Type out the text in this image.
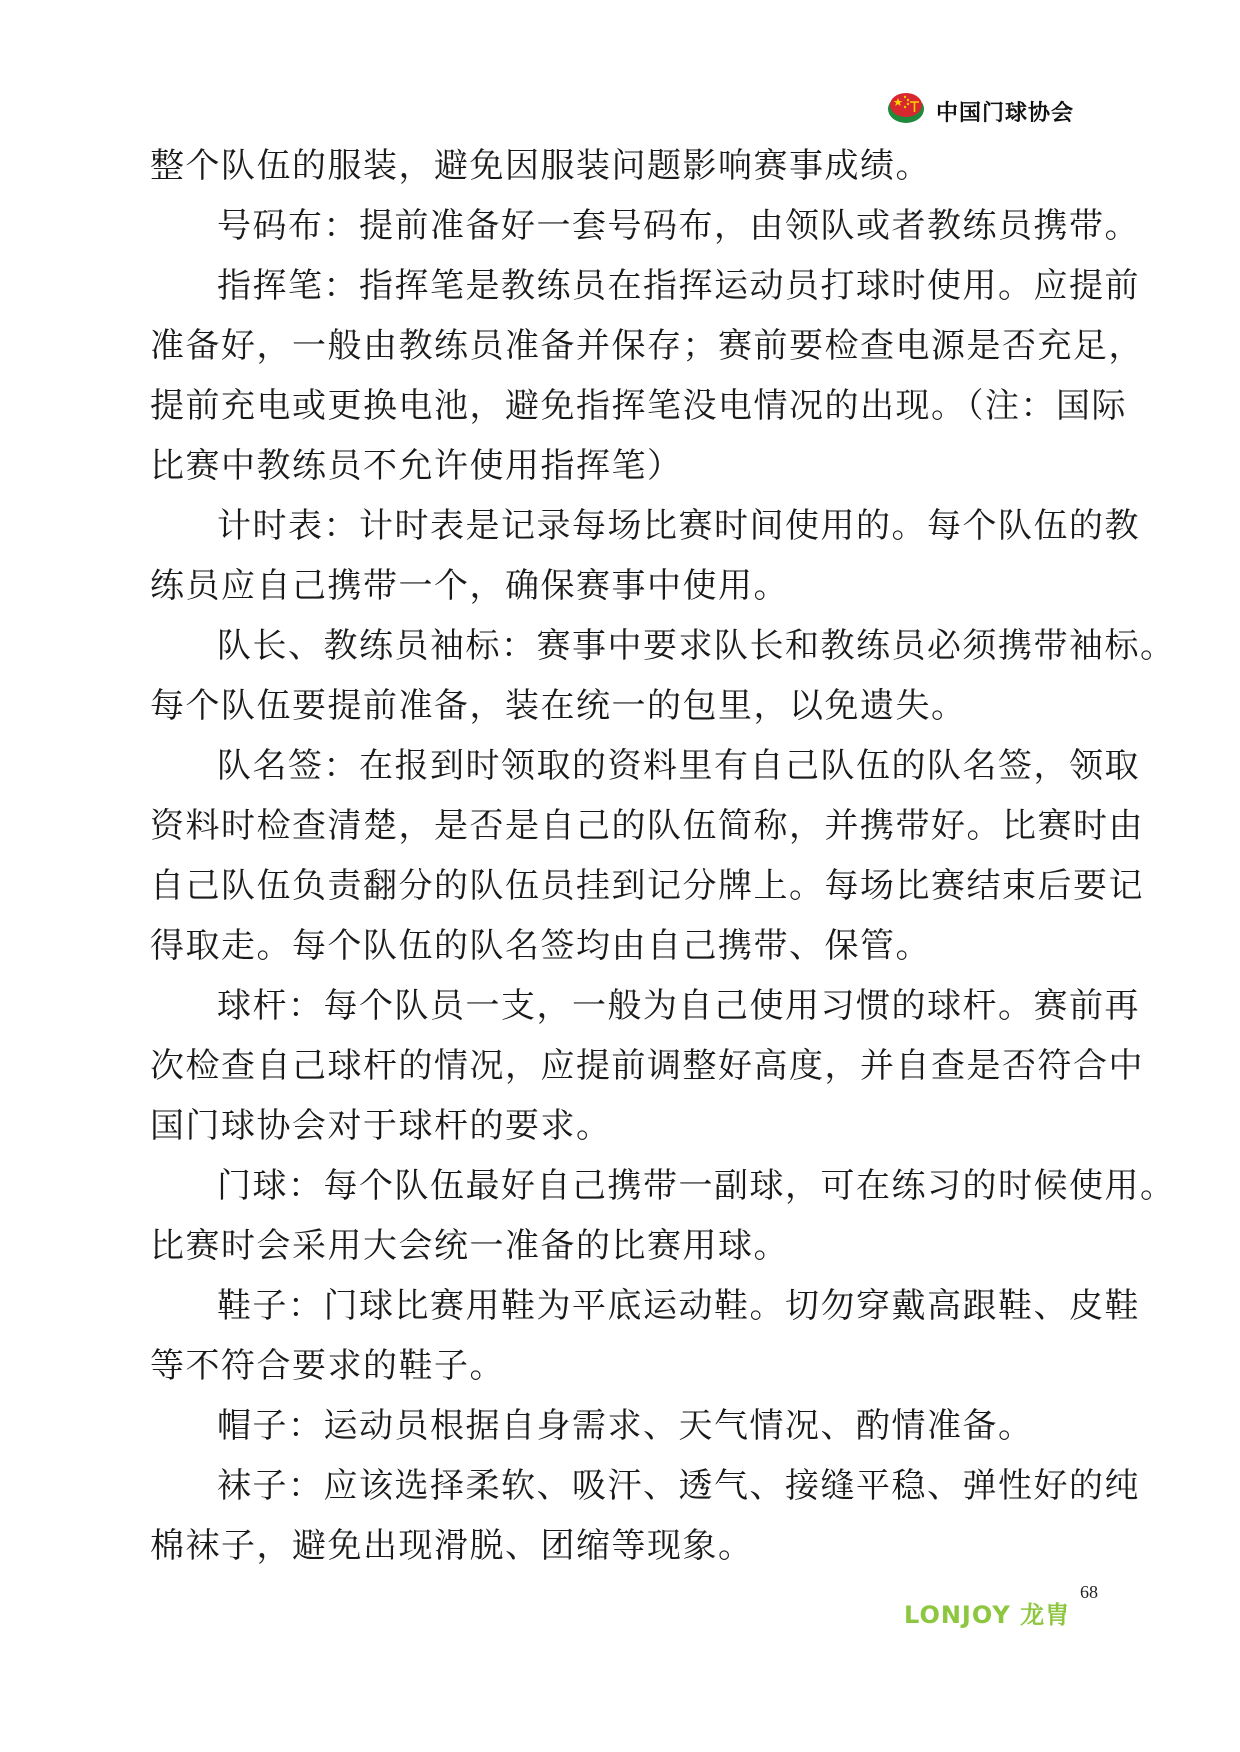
中国门球协会
整个队伍的服装，避免因服装问题影响赛事成绩。
号码布：提前准备好一套号码布，由领队或者教练员携带。
指挥笔：指挥笔是教练员在指挥运动员打球时使用。应提前
准备好，一般由教练员准备并保存；赛前要检查电源是否充足，
提前充电或更换电池，避免指挥笔没电情况的出现。（注：国际
比赛中教练员不允许使用指挥笔）
计时表：计时表是记录每场比赛时间使用的。每个队伍的教
练员应自己携带一个，确保赛事中使用。
队长、教练员袖标：赛事中要求队长和教练员必须携带袖标。
每个队伍要提前准备，装在统一的包里，以免遗失。
队名签：在报到时领取的资料里有自己队伍的队名签，领取
资料时检查清楚，是否是自己的队伍简称，并携带好。比赛时由
自己队伍负责翻分的队伍员挂到记分牌上。每场比赛结束后要记
得取走。每个队伍的队名签均由自己携带、保管。
球杆：每个队员一支，一般为自己使用习惯的球杆。赛前再
次检查自己球杆的情况，应提前调整好高度，并自查是否符合中
国门球协会对于球杆的要求。
门球：每个队伍最好自己携带一副球，可在练习的时候使用。
比赛时会采用大会统一准备的比赛用球。
鞋子：门球比赛用鞋为平底运动鞋。切勿穿戴高跟鞋、皮鞋
等不符合要求的鞋子。
帽子：运动员根据自身需求、天气情况、酌情准备。
袜子：应该选择柔软、吸汗、透气、接缝平稳、弹性好的纯
棉袜子，避免出现滑脱、团缩等现象。
LONJOY 龙胄
68
